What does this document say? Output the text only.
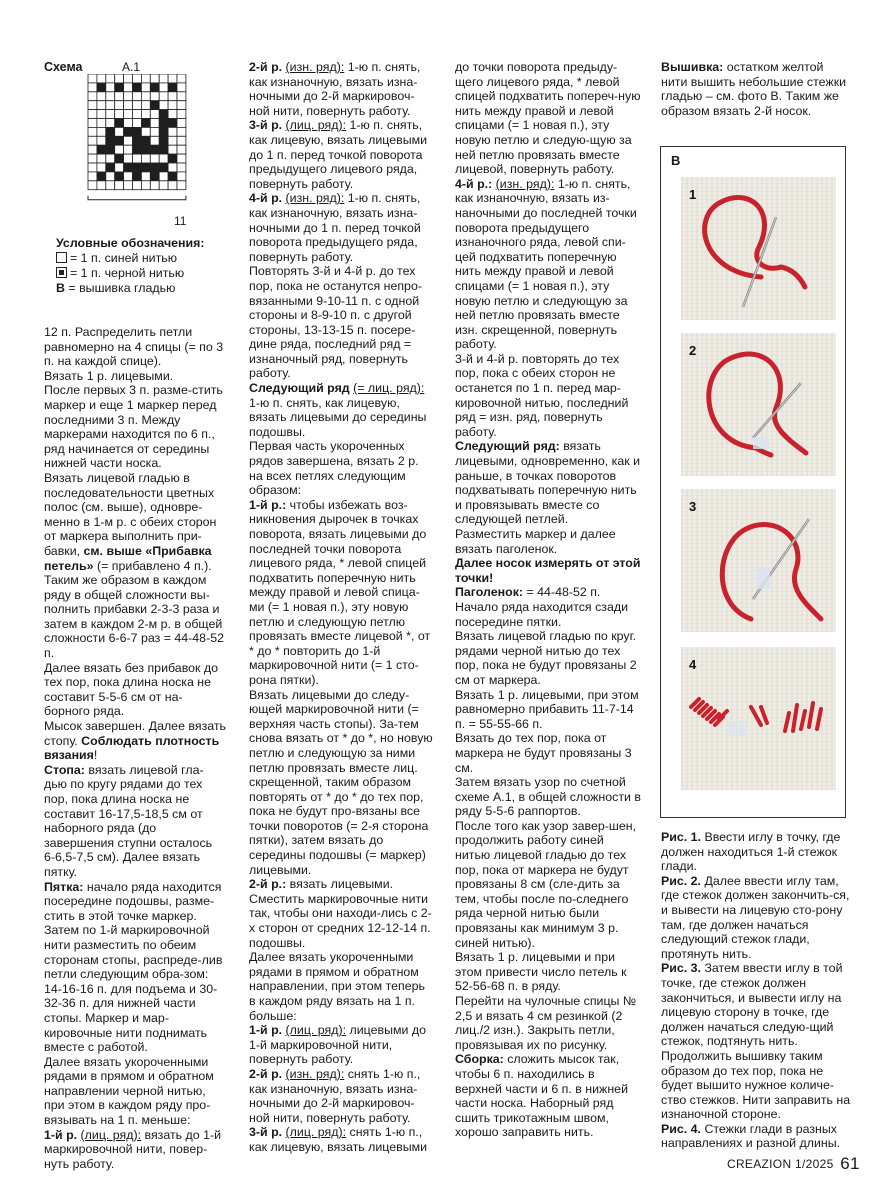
Схема	А.1
11

Условные обозначения:

= 1 п. синей нитью

= 1 п. черной нитью

В = вышивка гладью

12 п. Распределить петли равномерно на 4 спицы (= по 3 п. на каждой спице).

Вязать 1 р. лицевыми.

После первых 3 п. разме-стить маркер и еще 1 маркер перед последними 3 п. Между маркерами находится по 6 п., ряд начинается от середины нижней части носка.

Вязать лицевой гладью в последовательности цветных полос (см. выше), одновре-менно в 1-м р. с обеих сторон от маркера выполнить при-бавки, см. выше «Прибавка петель» (= прибавлено 4 п.). Таким же образом в каждом ряду в общей сложности вы-полнить прибавки 2-3-3 раза и затем в каждом 2-м р. в общей сложности 6-6-7 раз = 44-48-52 п.

Далее вязать без прибавок до тех пор, пока длина носка не составит 5-5-6 см от на-борного ряда.

Мысок завершен. Далее вязать стопу. Соблюдать плотность вязания!

Стопа: вязать лицевой гла-дью по кругу рядами до тех пор, пока длина носка не составит 16-17,5-18,5 см от наборного ряда (до завершения ступни осталось 6-6,5-7,5 см). Далее вязать пятку.

Пятка: начало ряда находится посередине подошвы, разме-стить в этой точке маркер. Затем по 1-й маркировочной нити разместить по обеим сторонам стопы, распреде-лив петли следующим обра-зом: 14-16-16 п. для подъема и 30-32-36 п. для нижней части стопы. Маркер и мар-кировочные нити поднимать вместе с работой.

Далее вязать укороченными рядами в прямом и обратном направлении черной нитью, при этом в каждом ряду про-вязывать на 1 п. меньше:

1-й р. (лиц. ряд): вязать до 1-й маркировочной нити, повер-нуть работу.

2-й р. (изн. ряд): 1-ю п. снять, как изнаночную, вязать изна-ночными до 2-й маркировоч-ной нити, повернуть работу.

3-й р. (лиц. ряд): 1-ю п. снять, как лицевую, вязать лицевыми до 1 п. перед точкой поворота предыдущего лицевого ряда, повернуть работу.

4-й р. (изн. ряд): 1-ю п. снять, как изнаночную, вязать изна-ночными до 1 п. перед точкой поворота предыдущего ряда, повернуть работу.

Повторять 3-й и 4-й р. до тех пор, пока не останутся непро-вязанными 9-10-11 п. с одной стороны и 8-9-10 п. с другой стороны, 13-13-15 п. посере-дине ряда, последний ряд = изнаночный ряд, повернуть работу.

Следующий ряд (= лиц. ряд): 1-ю п. снять, как лицевую, вязать лицевыми до середины подошвы.

Первая часть укороченных рядов завершена, вязать 2 р. на всех петлях следующим образом:

1-й р.: чтобы избежать воз-никновения дырочек в точках поворота, вязать лицевыми до последней точки поворота лицевого ряда, * левой спицей подхватить поперечную нить между правой и левой спица-ми (= 1 новая п.), эту новую петлю и следующую петлю провязать вместе лицевой *, от * до * повторить до 1-й маркировочной нити (= 1 сто-рона пятки).

Вязать лицевыми до следу-ющей маркировочной нити (= верхняя часть стопы). За-тем снова вязать от * до *, но новую петлю и следующую за ними петлю провязать вместе лиц. скрещенной, таким образом повторять от * до * до тех пор, пока не будут про-вязаны все точки поворотов (= 2-я сторона пятки), затем вязать до середины подошвы (= маркер) лицевыми.

2-й р.: вязать лицевыми. Сместить маркировочные нити так, чтобы они находи-лись с 2-х сторон от средних 12-12-14 п. подошвы.

Далее вязать укороченными рядами в прямом и обратном направлении, при этом теперь в каждом ряду вязать на 1 п. больше:

1-й р. (лиц. ряд): лицевыми до 1-й маркировочной нити, повернуть работу.

2-й р. (изн. ряд): снять 1-ю п., как изнаночную, вязать изна-ночными до 2-й маркировоч-ной нити, повернуть работу.

3-й р. (лиц. ряд): снять 1-ю п., как лицевую, вязать лицевыми

до точки поворота предыду-щего лицевого ряда, * левой спицей подхватить попереч-ную нить между правой и левой спицами (= 1 новая п.), эту новую петлю и следую-щую за ней петлю провязать вместе лицевой, повернуть работу.

4-й р.: (изн. ряд): 1-ю п. снять, как изнаночную, вязать из-наночными до последней точки поворота предыдущего изнаночного ряда, левой спи-цей подхватить поперечную нить между правой и левой спицами (= 1 новая п.), эту новую петлю и следующую за ней петлю провязать вместе изн. скрещенной, повернуть работу.

3-й и 4-й р. повторять до тех пор, пока с обеих сторон не останется по 1 п. перед мар-кировочной нитью, последний ряд = изн. ряд, повернуть работу.

Следующий ряд: вязать лицевыми, одновременно, как и раньше, в точках поворотов подхватывать поперечную нить и провязывать вместе со следующей петлей.

Разместить маркер и далее вязать паголенок.

Далее носок измерять от этой точки!

Паголенок: = 44-48-52 п.

Начало ряда находится сзади посередине пятки.

Вязать лицевой гладью по круг. рядами черной нитью до тех пор, пока не будут провязаны 2 см от маркера.

Вязать 1 р. лицевыми, при этом равномерно прибавить 11-7-14 п. = 55-55-66 п.

Вязать до тех пор, пока от маркера не будут провязаны 3 см.

Затем вязать узор по счетной схеме А.1, в общей сложности в ряду 5-5-6 раппортов.

После того как узор завер-шен, продолжить работу синей нитью лицевой гладью до тех пор, пока от маркера не будут провязаны 8 см (сле-дить за тем, чтобы после по-следнего ряда черной нитью были провязаны как минимум 3 р. синей нитью).

Вязать 1 р. лицевыми и при этом привести число петель к 52-56-68 п. в ряду.

Перейти на чулочные спицы № 2,5 и вязать 4 см резинкой (2 лиц./2 изн.). Закрыть петли, провязывая их по рисунку.

Сборка: сложить мысок так, чтобы 6 п. находились в верхней части и 6 п. в нижней части носка. Наборный ряд сшить трикотажным швом, хорошо заправить нить.

Вышивка: остатком желтой нити вышить небольшие стежки гладью – см. фото В. Таким же образом вязать 2-й носок.

В
1
2
3
4

Рис. 1. Ввести иглу в точку, где должен находиться 1-й стежок глади.

Рис. 2. Далее ввести иглу там, где стежок должен закончить-ся, и вывести на лицевую сто-рону там, где должен начаться следующий стежок глади, протянуть нить.

Рис. 3. Затем ввести иглу в той точке, где стежок должен закончиться, и вывести иглу на лицевую сторону в точке, где должен начаться следую-щий стежок, подтянуть нить. Продолжить вышивку таким образом до тех пор, пока не будет вышито нужное количе-ство стежков. Нити заправить на изнаночной стороне.

Рис. 4. Стежки глади в разных направлениях и разной длины.

CREAZION 1/2025 61
